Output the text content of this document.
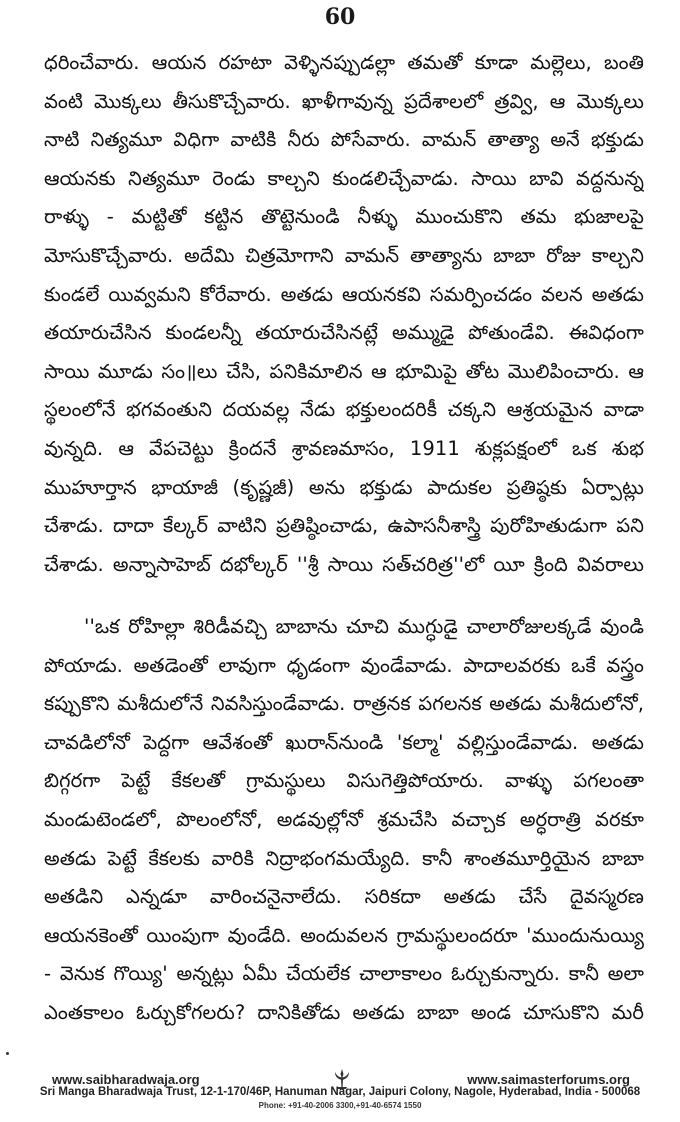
60

ధరించేవారు. ఆయన రహటా వెళ్ళినప్పుడల్లా తమతో కూడా మల్లెలు, బంతి వంటి మొక్కలు తీసుకొచ్చేవారు. ఖాళీగావున్న ప్రదేశాలలో త్రవ్వి, ఆ మొక్కలు నాటి నిత్యమూ విధిగా వాటికి నీరు పోసేవారు. వామన్ తాత్యా అనే భక్తుడు ఆయనకు నిత్యమూ రెండు కాల్చని కుండలిచ్చేవాడు. సాయి బావి వద్దనున్న రాళ్ళు - మట్టితో కట్టిన తొట్టెనుండి నీళ్ళు ముంచుకొని తమ భుజాలపై మోసుకొచ్చేవారు. అదేమి చిత్రమోగాని వామన్ తాత్యాను బాబా రోజు కాల్చని కుండలే యివ్వమని కోరేవారు. అతడు ఆయనకవి సమర్పించడం వలన అతడు తయారుచేసిన కుండలన్నీ తయారుచేసినట్లే అమ్ముడై పోతుండేవి. ఈవిధంగా సాయి మూడు సం॥లు చేసి, పనికిమాలిన ఆ భూమిపై తోట మొలిపించారు. ఆ స్థలంలోనే భగవంతుని దయవల్ల నేడు భక్తులందరికీ చక్కని ఆశ్రయమైన వాడా వున్నది. ఆ వేపచెట్టు క్రిందనే శ్రావణమాసం, 1911 శుక్లపక్షంలో ఒక శుభ ముహూర్తాన భాయాజీ (కృష్ణజీ) అను భక్తుడు పాదుకల ప్రతిష్ఠకు ఏర్పాట్లు చేశాడు. దాదా కేల్కర్ వాటిని ప్రతిష్ఠించాడు, ఉపాసనీశాస్త్రి పురోహితుడుగా పని చేశాడు. అన్నాసాహెబ్ దభోల్కర్ ''శ్రీ సాయి సత్‌చరిత్ర''లో యీ క్రింది వివరాలు

''ఒక రోహిల్లా శిరిడీవచ్చి బాబాను చూచి ముగ్ధుడై చాలారోజులక్కడే వుండి పోయాడు. అతడెంతో లావుగా ధృడంగా వుండేవాడు. పాదాలవరకు ఒకే వస్త్రం కప్పుకొని మశీదులోనే నివసిస్తుండేవాడు. రాత్రనక పగలనక అతడు మశీదులోనో, చావడిలోనో పెద్దగా ఆవేశంతో ఖురాన్‌నుండి 'కల్మా' వల్లిస్తుండేవాడు. అతడు బిగ్గరగా పెట్టే కేకలతో గ్రామస్థులు విసుగెత్తిపోయారు. వాళ్ళు పగలంతా మండుటెండలో, పొలంలోనో, అడవుల్లోనో శ్రమచేసి వచ్చాక అర్ధరాత్రి వరకూ అతడు పెట్టే కేకలకు వారికి నిద్రాభంగమయ్యేది. కానీ శాంతమూర్తియైన బాబా అతడిని ఎన్నడూ వారించనైనాలేదు. సరికదా అతడు చేసే దైవస్మరణ ఆయనకెంతో యింపుగా వుండేది. అందువలన గ్రామస్థులందరూ 'ముందునుయ్యి - వెనుక గొయ్యి' అన్నట్లు ఏమీ చేయలేక చాలాకాలం ఓర్చుకున్నారు. కానీ అలా ఎంతకాలం ఓర్చుకోగలరు? దానికితోడు అతడు బాబా అండ చూసుకొని మరీ

www.saibharadwaja.org	www.saimasterforums.org
Sri Manga Bharadwaja Trust, 12-1-170/46P, Hanuman Nagar, Jaipuri Colony, Nagole, Hyderabad, India - 500068
Phone: +91-40-2006 3300,+91-40-6574 1550
